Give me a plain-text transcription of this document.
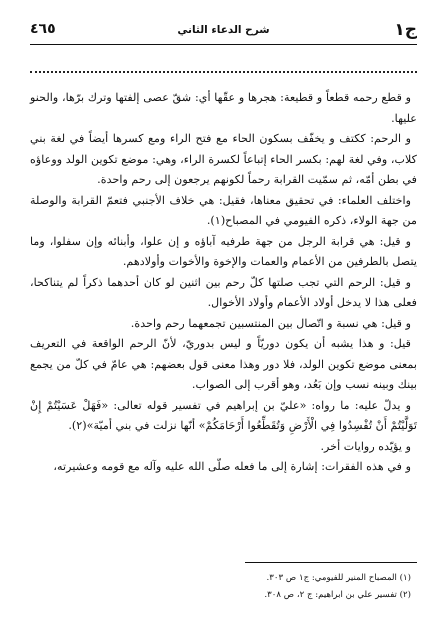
ج١
شرح الدعاء الثاني
٤٦٥

و قطع رحمه قطعاً و قطيعة: هجرها و عقّها أي: شقّ عصى إلفتها وترك برّها، والحنو عليها.

و الرحم: ككتف و يخفّف بسكون الحاء مع فتح الراء ومع كسرها أيضاً في لغة بني كلاب، وفي لغة لهم: بكسر الحاء إتباعاً لكسرة الراء، وهي: موضع تكوين الولد ووعاؤه في بطن أمّه، ثم سمّيت القرابة رحماً لكونهم يرجعون إلى رحم واحدة.

واختلف العلماء: في تحقيق معناها، فقيل: هي خلاف الأجنبي فتعمّ القرابة والوصلة من جهة الولاء، ذكره الفيومي في المصباح(١).

و قيل: هي قرابة الرجل من جهة طرفيه آباؤه و إن علوا، وأبنائه وإن سفلوا، وما يتصل بالطرفين من الأعمام والعمات والإخوة والأخوات وأولادهم.

و قيل: الرحم التي تجب صلتها كلّ رحم بين اثنين لو كان أحدهما ذكراً لم يتناكحا، فعلى هذا لا يدخل أولاد الأعمام وأولاد الأخوال.

و قيل: هي نسبة و اتّصال بين المنتسبين تجمعهما رحم واحدة.

قيل: و هذا يشبه أن يكون دوريّاً و ليس بدوريّ، لأنّ الرحم الواقعة في التعريف بمعنى موضع تكوين الولد، فلا دور وهذا معنى قول بعضهم: هي عامّ في كلّ من يجمع بينك وبينه نسب وإن بَعُد، وهو أقرب إلى الصواب.

و يدلّ عليه: ما رواه: «عليّ بن إبراهيم في تفسير قوله تعالى: «فَهَلْ عَسَيْتُمْ إِنْ تَوَلَّيْتُمْ أَنْ تُفْسِدُوا فِي الْأَرْضِ وَتُقَطِّعُوا أَرْحَامَكُمْ» أنّها نزلت في بني أميّة»(٢).

و يؤيّده روايات أخر.

و في هذه الفقرات: إشارة إلى ما فعله صلّى الله عليه وآله مع قومه وعشيرته،

(١) المصباح المنير للفيومي: ج١ ص ٣٠٣.
(٢) تفسير علي بن ابراهيم: ج ٢، ص ٣٠٨.
